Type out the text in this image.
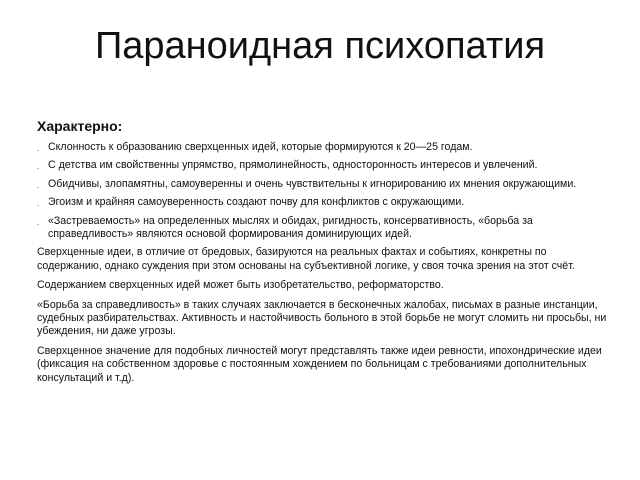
Параноидная психопатия
Характерно:
. Склонность к образованию сверхценных идей, которые формируются к 20—25 годам.
. С детства им свойственны упрямство, прямолинейность, односторонность интересов и увлечений.
. Обидчивы, злопамятны, самоуверенны и очень чувствительны к игнорированию их мнения окружающими.
. Эгоизм и крайняя самоуверенность создают почву для конфликтов с окружающими.
. «Застреваемость» на определенных мыслях и обидах, ригидность, консервативность, «борьба за справедливость» являются основой формирования доминирующих идей.

Сверхценные идеи, в отличие от бредовых, базируются на реальных фактах и событиях, конкретны по содержанию, однако суждения при этом основаны на субъективной логике, у своя точка зрения на этот счёт.

Содержанием сверхценных идей может быть изобретательство, реформаторство.

«Борьба за справедливость» в таких случаях заключается в бесконечных жалобах, письмах в разные инстанции, судебных разбирательствах. Активность и настойчивость больного в этой борьбе не могут сломить ни просьбы, ни убеждения, ни даже угрозы.

Сверхценное значение для подобных личностей могут представлять также идеи ревности, ипохондрические идеи (фиксация на собственном здоровье с постоянным хождением по больницам с требованиями дополнительных консультаций и т.д).
